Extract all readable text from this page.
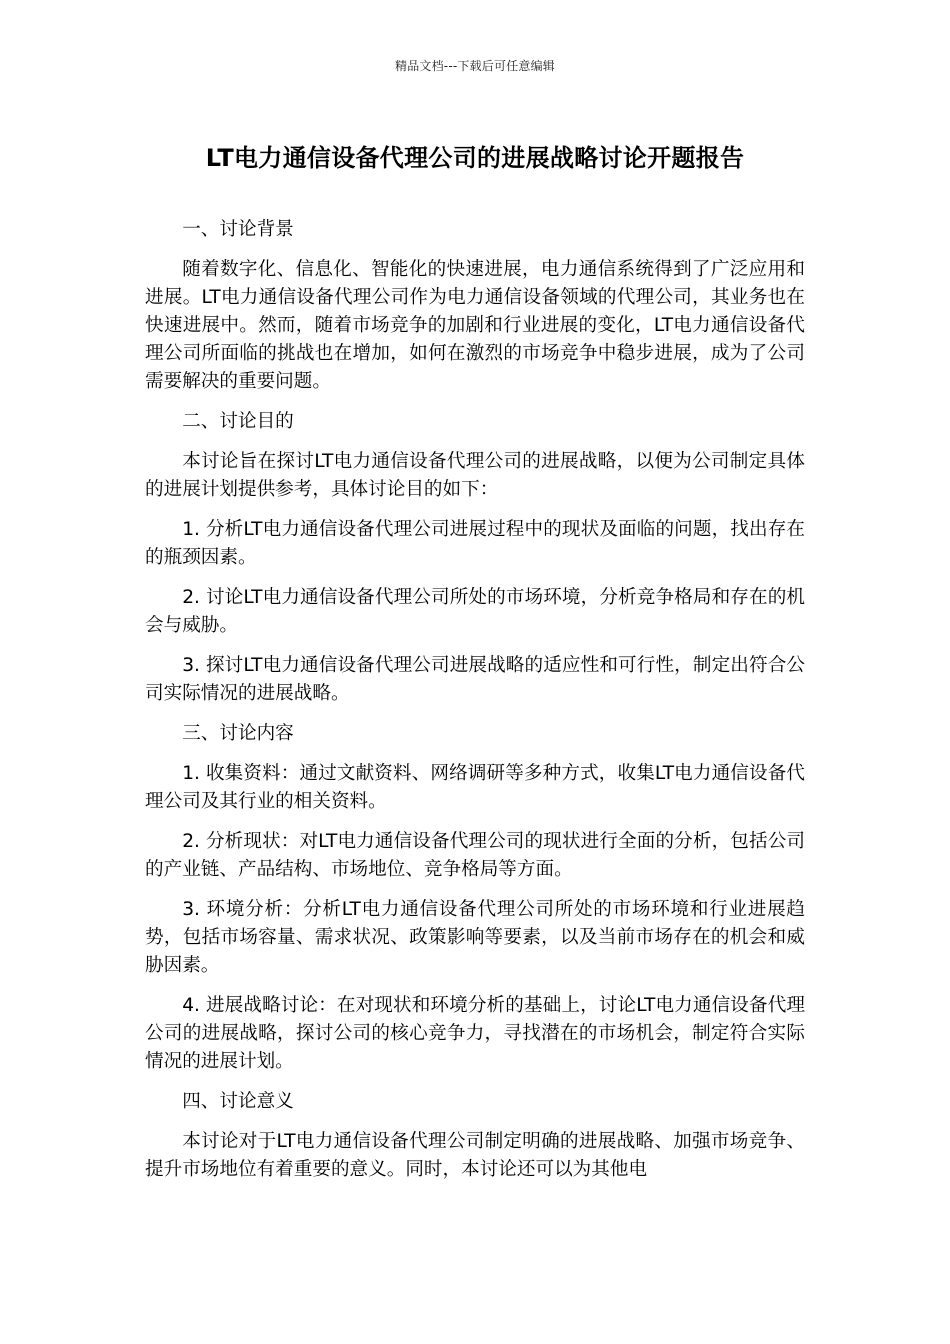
精品文档---下载后可任意编辑
LT电力通信设备代理公司的进展战略讨论开题报告

一、讨论背景

随着数字化、信息化、智能化的快速进展，电力通信系统得到了广泛应用和进展。LT电力通信设备代理公司作为电力通信设备领域的代理公司，其业务也在快速进展中。然而，随着市场竞争的加剧和行业进展的变化，LT电力通信设备代理公司所面临的挑战也在增加，如何在激烈的市场竞争中稳步进展，成为了公司需要解决的重要问题。

二、讨论目的

本讨论旨在探讨LT电力通信设备代理公司的进展战略，以便为公司制定具体的进展计划提供参考，具体讨论目的如下：

1. 分析LT电力通信设备代理公司进展过程中的现状及面临的问题，找出存在的瓶颈因素。

2. 讨论LT电力通信设备代理公司所处的市场环境，分析竞争格局和存在的机会与威胁。

3. 探讨LT电力通信设备代理公司进展战略的适应性和可行性，制定出符合公司实际情况的进展战略。

三、讨论内容

1. 收集资料：通过文献资料、网络调研等多种方式，收集LT电力通信设备代理公司及其行业的相关资料。

2. 分析现状：对LT电力通信设备代理公司的现状进行全面的分析，包括公司的产业链、产品结构、市场地位、竞争格局等方面。

3. 环境分析：分析LT电力通信设备代理公司所处的市场环境和行业进展趋势，包括市场容量、需求状况、政策影响等要素，以及当前市场存在的机会和威胁因素。

4. 进展战略讨论：在对现状和环境分析的基础上，讨论LT电力通信设备代理公司的进展战略，探讨公司的核心竞争力，寻找潜在的市场机会，制定符合实际情况的进展计划。

四、讨论意义

本讨论对于LT电力通信设备代理公司制定明确的进展战略、加强市场竞争、提升市场地位有着重要的意义。同时，本讨论还可以为其他电
